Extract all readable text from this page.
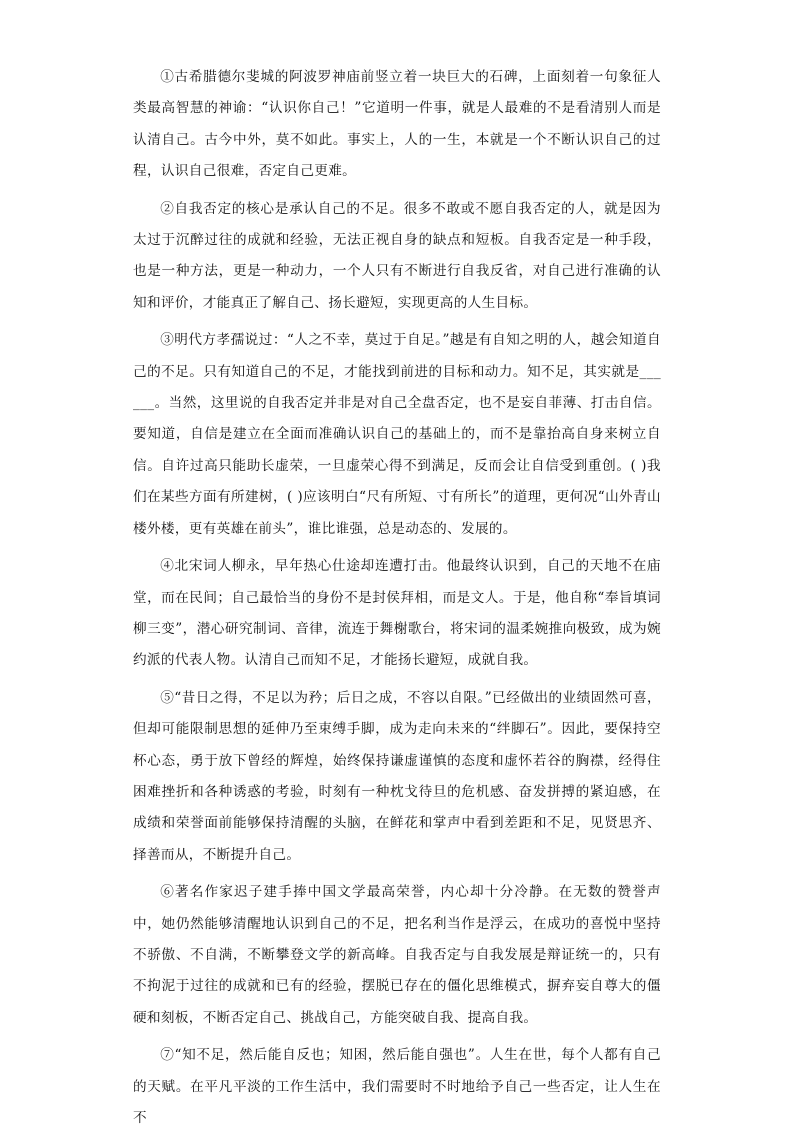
①古希腊德尔斐城的阿波罗神庙前竖立着一块巨大的石碑，上面刻着一句象征人类最高智慧的神谕：“认识你自己！”它道明一件事，就是人最难的不是看清别人而是认清自己。古今中外，莫不如此。事实上，人的一生，本就是一个不断认识自己的过程，认识自己很难，否定自己更难。

②自我否定的核心是承认自己的不足。很多不敢或不愿自我否定的人，就是因为太过于沉醉过往的成就和经验，无法正视自身的缺点和短板。自我否定是一种手段，也是一种方法，更是一种动力，一个人只有不断进行自我反省，对自己进行准确的认知和评价，才能真正了解自己、扬长避短，实现更高的人生目标。

③明代方孝孺说过：“人之不幸，莫过于自足。”越是有自知之明的人，越会知道自己的不足。只有知道自己的不足，才能找到前进的目标和动力。知不足，其实就是______。当然，这里说的自我否定并非是对自己全盘否定，也不是妄自菲薄、打击自信。要知道，自信是建立在全面而准确认识自己的基础上的，而不是靠抬高自身来树立自信。自许过高只能助长虚荣，一旦虚荣心得不到满足，反而会让自信受到重创。( )我们在某些方面有所建树，( )应该明白“尺有所短、寸有所长”的道理，更何况“山外青山楼外楼，更有英雄在前头”，谁比谁强，总是动态的、发展的。

④北宋词人柳永，早年热心仕途却连遭打击。他最终认识到，自己的天地不在庙堂，而在民间；自己最恰当的身份不是封侯拜相，而是文人。于是，他自称“奉旨填词柳三变”，潜心研究制词、音律，流连于舞榭歌台，将宋词的温柔婉推向极致，成为婉约派的代表人物。认清自己而知不足，才能扬长避短，成就自我。

⑤“昔日之得，不足以为矜；后日之成，不容以自限。”已经做出的业绩固然可喜，但却可能限制思想的延伸乃至束缚手脚，成为走向未来的“绊脚石”。因此，要保持空杯心态，勇于放下曾经的辉煌，始终保持谦虚谨慎的态度和虚怀若谷的胸襟，经得住困难挫折和各种诱惑的考验，时刻有一种枕戈待旦的危机感、奋发拼搏的紧迫感，在成绩和荣誉面前能够保持清醒的头脑，在鲜花和掌声中看到差距和不足，见贤思齐、择善而从，不断提升自己。

⑥著名作家迟子建手捧中国文学最高荣誉，内心却十分冷静。在无数的赞誉声中，她仍然能够清醒地认识到自己的不足，把名利当作是浮云，在成功的喜悦中坚持不骄傲、不自满，不断攀登文学的新高峰。自我否定与自我发展是辩证统一的，只有不拘泥于过往的成就和已有的经验，摆脱已存在的僵化思维模式，摒弃妄自尊大的僵硬和刻板，不断否定自己、挑战自己，方能突破自我、提高自我。

⑦“知不足，然后能自反也；知困，然后能自强也”。人生在世，每个人都有自己的天赋。在平凡平淡的工作生活中，我们需要时不时地给予自己一些否定，让人生在不
